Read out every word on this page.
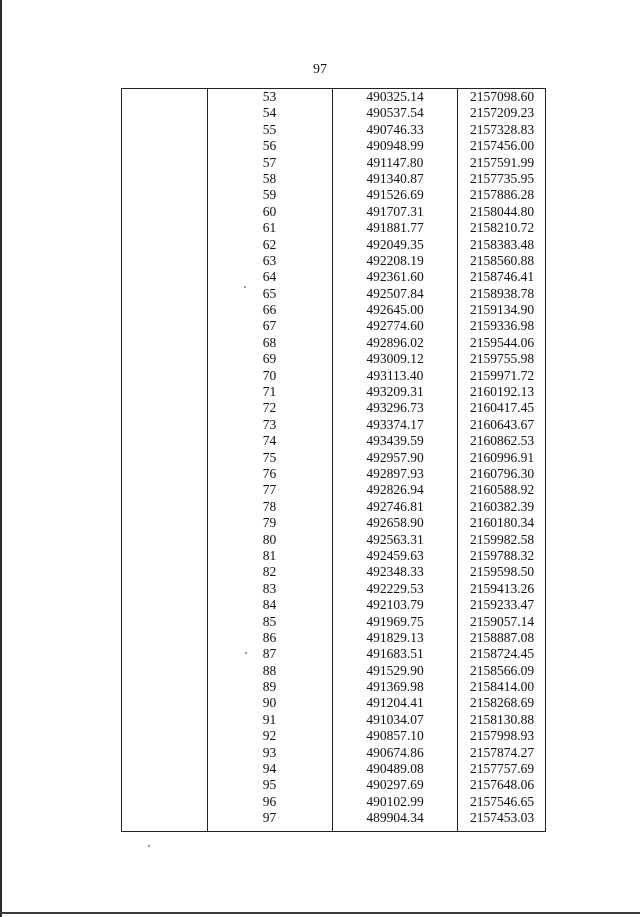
97
53	490325.14	2157098.60
54	490537.54	2157209.23
55	490746.33	2157328.83
56	490948.99	2157456.00
57	491147.80	2157591.99
58	491340.87	2157735.95
59	491526.69	2157886.28
60	491707.31	2158044.80
61	491881.77	2158210.72
62	492049.35	2158383.48
63	492208.19	2158560.88
64	492361.60	2158746.41
65	492507.84	2158938.78
66	492645.00	2159134.90
67	492774.60	2159336.98
68	492896.02	2159544.06
69	493009.12	2159755.98
70	493113.40	2159971.72
71	493209.31	2160192.13
72	493296.73	2160417.45
73	493374.17	2160643.67
74	493439.59	2160862.53
75	492957.90	2160996.91
76	492897.93	2160796.30
77	492826.94	2160588.92
78	492746.81	2160382.39
79	492658.90	2160180.34
80	492563.31	2159982.58
81	492459.63	2159788.32
82	492348.33	2159598.50
83	492229.53	2159413.26
84	492103.79	2159233.47
85	491969.75	2159057.14
86	491829.13	2158887.08
87	491683.51	2158724.45
88	491529.90	2158566.09
89	491369.98	2158414.00
90	491204.41	2158268.69
91	491034.07	2158130.88
92	490857.10	2157998.93
93	490674.86	2157874.27
94	490489.08	2157757.69
95	490297.69	2157648.06
96	490102.99	2157546.65
97	489904.34	2157453.03
